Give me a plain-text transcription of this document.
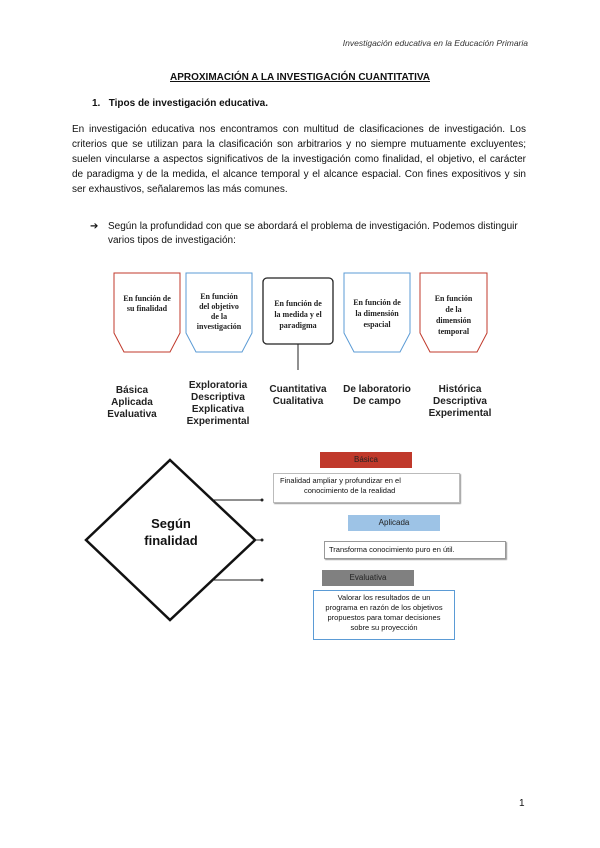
Investigación educativa en la Educación Primaria
APROXIMACIÓN A LA INVESTIGACIÓN CUANTITATIVA
1. Tipos de investigación educativa.
En investigación educativa nos encontramos con multitud de clasificaciones de investigación. Los criterios que se utilizan para la clasificación son arbitrarios y no siempre mutuamente excluyentes; suelen vincularse a aspectos significativos de la investigación como finalidad, el objetivo, el carácter de paradigma y de la medida, el alcance temporal y el alcance espacial. Con fines expositivos y sin ser exhaustivos, señalaremos las más comunes.
➔ Según la profundidad con que se abordará el problema de investigación. Podemos distinguir varios tipos de investigación:
En función de
su finalidad
En función
del objetivo
de la
investigación
En función de
la medida y el
paradigma
En función de
la dimensión
espacial
En función
de la
dimensión
temporal
Básica
Aplicada
Evaluativa
Exploratoria
Descriptiva
Explicativa
Experimental
Cuantitativa
Cualitativa
De laboratorio
De campo
Histórica
Descriptiva
Experimental
Según
finalidad
Básica
Finalidad ampliar y profundizar en el
conocimiento de la realidad
Aplicada
Transforma conocimiento puro en útil.
Evaluativa
Valorar los resultados de un
programa en razón de los objetivos
propuestos para tomar decisiones
sobre su proyección
1
